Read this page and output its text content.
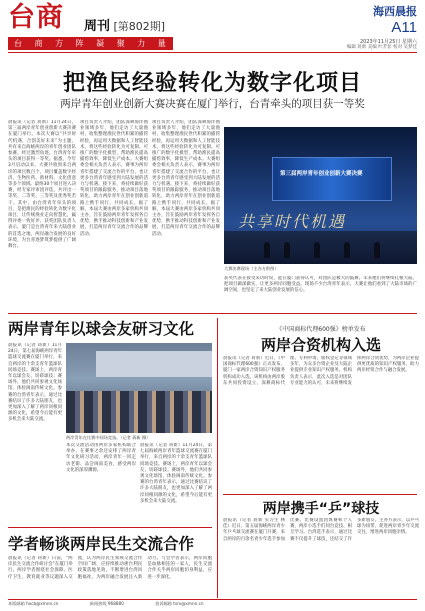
台商 周刊 [第802期]
台 商 方 阵 凝 聚 力 量
海西晨报
A11
2023年11月25日 星期六
编辑 蒋新 美编 叶芳菲 校对 吴梦佳
把渔民经验转化为数字化项目
两岸青年创业创新大赛决赛在厦门举行，台青牵头的项目获一等奖
晨报讯（记者 蒋新）11月24日，第三届两岸青年创业创新大赛决赛在厦门举行。本次大赛以“共享时代机遇，合创美好未来”为主题，共有来自海峡两岸的青年创业团队参赛。经过激烈角逐，台湾青年牵头的项目获得一等奖。据悉，今年3月启动以来，大赛共收到来自两岸的项目数百个，项目覆盖数字经济、生物医药、新材料、文化创意等多个领域。最终30个项目进入决赛，经专家评审团评选，共评出一等奖、二等奖、三等奖及优秀奖若干。其中，由台湾青年牵头的项目，是把渔民的经验转化为数字化项目，让传统渔业走向智慧化，赢得评委一致好评。获奖团队负责人表示，厦门是台湾青年来大陆创业的首选之地，两岸融合发展的良好环境，为台青逐梦筑梦提供了广阔舞台。
项目负责人介绍，团队深耕海洋渔业领域多年，他们走访了大量渔村，收集整理渔民世代积累的捕捞经验，再运用大数据和人工智能技术，将这些经验转化为可复制、可推广的数字化模型，帮助渔民提高捕捞效率，降低生产成本。大赛组委会相关负责人表示，赛事为两岸青年搭建了交流合作的平台，也让更多台湾青年感受到大陆发展的活力与机遇。接下来，将持续做好获奖项目的跟踪服务，推动项目落地转化，助力两岸青年在创业创新道路上携手同行、共同成长。据了解，本届大赛由两岸多家机构共同主办，旨在鼓励两岸青年发挥各自优势，携手推动科技创新和产业发展，打造两岸青年交流合作的品牌活动。
项目负责人介绍，团队深耕海洋渔业领域多年，他们走访了大量渔村，收集整理渔民世代积累的捕捞经验，再运用大数据和人工智能技术，将这些经验转化为可复制、可推广的数字化模型，帮助渔民提高捕捞效率，降低生产成本。大赛组委会相关负责人表示，赛事为两岸青年搭建了交流合作的平台，也让更多台湾青年感受到大陆发展的活力与机遇。接下来，将持续做好获奖项目的跟踪服务，推动项目落地转化，助力两岸青年在创业创新道路上携手同行、共同成长。据了解，本届大赛由两岸多家机构共同主办，旨在鼓励两岸青年发挥各自优势，携手推动科技创新和产业发展，打造两岸青年交流合作的品牌活动。
第三届两岸青年创业创新大赛决赛
共享时代机遇
大赛决赛现场（主办方供图）
获奖代表在接受采访时说，能在厦门获得认可，对团队是极大的鼓舞。未来他们将继续扎根大陆，把项目做深做实，让更多两岸同胞受益。现场不少台湾青年表示，大赛让他们看到了大陆市场的广阔空间，也坚定了来大陆创业发展的信心。
两岸青年以球会友研习文化
晨报讯（记者 蒋新）11月24日，第七届海峡两岸青年篮球交流赛在厦门举行，来自两岸的十余支青年篮球队同场竞技。赛场上，两岸青年以球会友、切磋球技；赛场外，他们共同参观文化场馆，体验闽南传统文化。参赛的台湾青年表示，通过比赛结识了许多大陆朋友，也更加深入了解了两岸同根同源的文化，希望今后能有更多机会来大陆交流。
两岸青年在比赛中同场竞技。（记者 蒋新 摄）
本次交流活动由两岸多家机构联合举办，在赛事之余还安排了两岸青年文化研习活动，两岸青年一同走访老街、品尝闽南美食，感受两岸文化的深厚渊源。
晨报讯（记者 蒋新）11月24日，第七届海峡两岸青年篮球交流赛在厦门举行，来自两岸的十余支青年篮球队同场竞技。赛场上，两岸青年以球会友、切磋球技；赛场外，他们共同参观文化场馆，体验闽南传统文化。参赛的台湾青年表示，通过比赛结识了许多大陆朋友，也更加深入了解了两岸同根同源的文化，希望今后能有更多机会来大陆交流。
学者畅谈两岸民生交流合作
晨报讯（记者 蒋新）日前，“两岸民生交流合作研讨会”在厦门举行。两岸学者围绕社会保障、医疗卫生、教育就业等议题深入交流，认为两岸民生领域交流合作空间广阔，应持续推动惠台利民政策落地见效，不断增进台湾同胞福祉，为两岸融合发展注入新动力。与会学者表示，两岸同胞是血脉相连的一家人，民生交流合作关乎两岸同胞切身利益，应进一步深化。
《中国商标代理600强》榜单发布
两岸合资机构入选
晨报讯（记者 蒋新）近日，《中国商标代理600强》正式发布，厦门一家两岸合资知识产权服务机构成功入选。该机构由两岸股东共同投资设立，深耕商标代理、专利申请、版权登记等领域多年，为众多台资企业及大陆企业提供专业知识产权服务。机构负责人表示，此次入选是对团队专业能力的认可，未来将继续发挥两岸合资优势，为两岸企业提供更优质的知识产权服务，助力两岸经贸合作与融合发展。
两岸携手“乒”球技
晨报讯（记者 蒋新 实习生 林佳）近日，第五届海峡两岸青少年乒乓球交流赛在厦门开赛，来自两岸的百余名青少年选手参加比赛。比赛设置团体赛和个人赛，两岸小选手们同台竞技、相互学习。台湾选手表示，通过比赛不仅提升了球技，还结交了许多新朋友。主办方表示，以乒乓球为纽带，促进两岸青少年交流交往，增进两岸同胞亲情。
本版邮箱 hxcb@xmnn.cn	新闻热线 968880	投诉邮箱 tsrx@xmnn.cn
